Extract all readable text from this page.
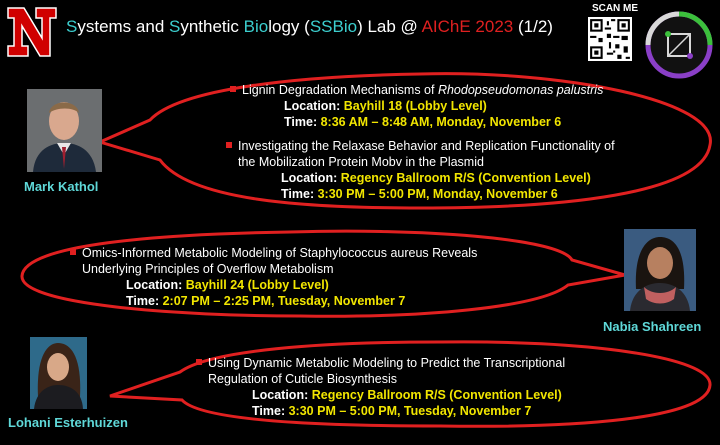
Systems and Synthetic Biology (SSBio) Lab @ AIChE 2023 (1/2)
SCAN ME
Mark Kathol
Nabia Shahreen
Lohani Esterhuizen
Lignin Degradation Mechanisms of Rhodopseudomonas palustris
Location: Bayhill 18 (Lobby Level)
Time: 8:36 AM – 8:48 AM, Monday, November 6
Investigating the Relaxase Behavior and Replication Functionality of
the Mobilization Protein Mobv in the Plasmid
Location: Regency Ballroom R/S (Convention Level)
Time: 3:30 PM – 5:00 PM, Monday, November 6
Omics-Informed Metabolic Modeling of Staphylococcus aureus Reveals
Underlying Principles of Overflow Metabolism
Location: Bayhill 24 (Lobby Level)
Time: 2:07 PM – 2:25 PM, Tuesday, November 7
Using Dynamic Metabolic Modeling to Predict the Transcriptional
Regulation of Cuticle Biosynthesis
Location: Regency Ballroom R/S (Convention Level)
Time: 3:30 PM – 5:00 PM, Tuesday, November 7
